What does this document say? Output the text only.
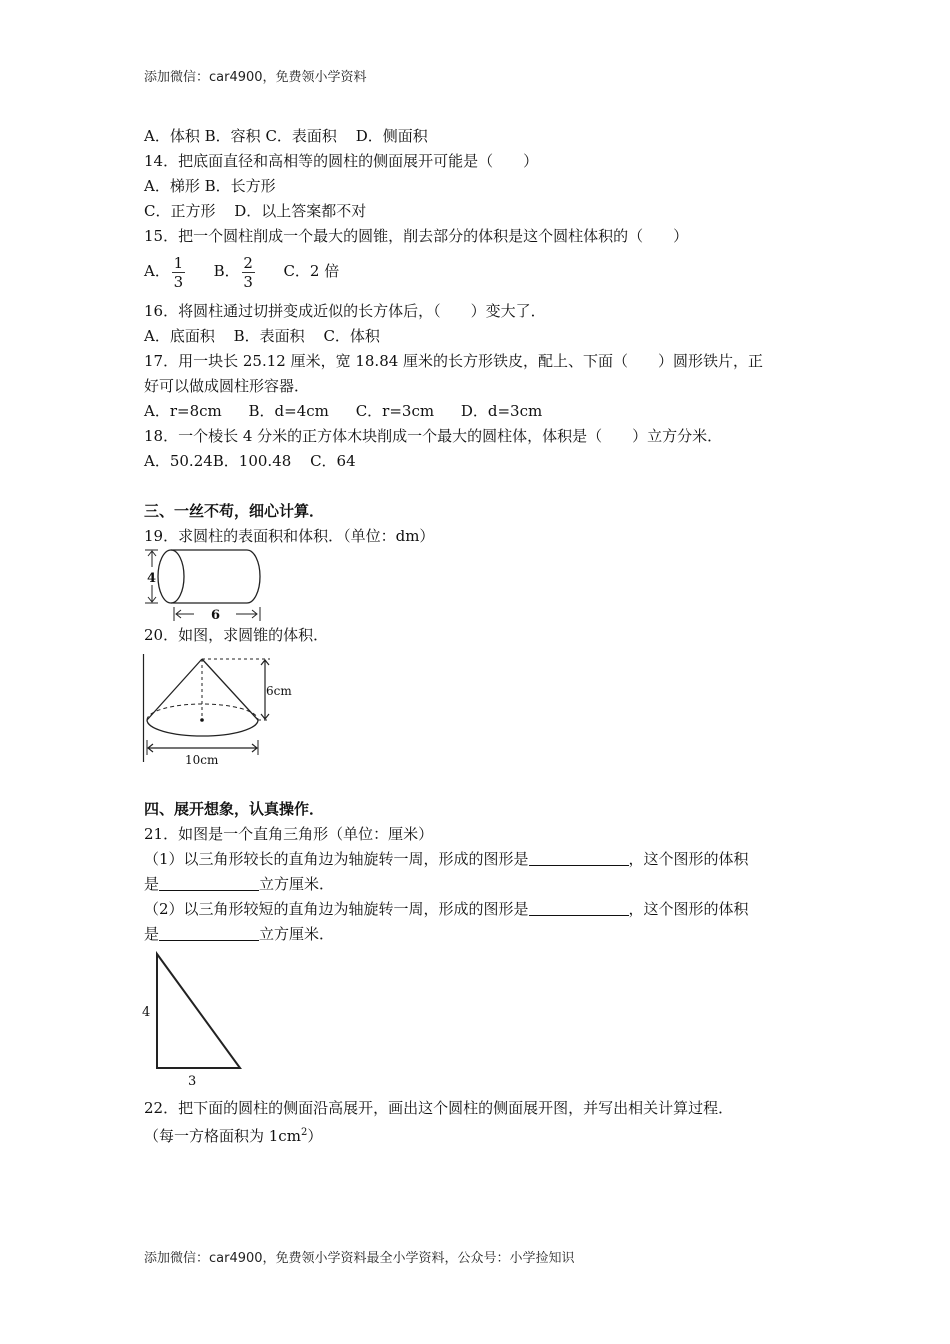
添加微信：car4900，免费领小学资料
A．体积 B．容积 C．表面积 D．侧面积
14．把底面直径和高相等的圆柱的侧面展开可能是（　　）
A．梯形 B．长方形
C．正方形 D．以上答案都不对
15．把一个圆柱削成一个最大的圆锥，削去部分的体积是这个圆柱体积的（　　）
A． $\frac{1}{3}$ B． $\frac{2}{3}$ C．2 倍
16．将圆柱通过切拼变成近似的长方体后，（　　）变大了．
A．底面积 B．表面积 C．体积
17．用一块长 25.12 厘米，宽 18.84 厘米的长方形铁皮，配上、下面（　　）圆形铁片，正
好可以做成圆柱形容器．
A．r=8cm B．d=4cm C．r=3cm D．d=3cm
18．一个棱长 4 分米的正方体木块削成一个最大的圆柱体，体积是（　　）立方分米．
A．50.24B．100.48 C．64
三、一丝不苟，细心计算．
19．求圆柱的表面积和体积．（单位：dm）
4
6
20．如图，求圆锥的体积．
6cm
10cm
四、展开想象，认真操作．
21．如图是一个直角三角形（单位：厘米）
（1）以三角形较长的直角边为轴旋转一周，形成的图形是	，这个图形的体积
是	立方厘米．
（2）以三角形较短的直角边为轴旋转一周，形成的图形是	，这个图形的体积
是	立方厘米．
4
3
22．把下面的圆柱的侧面沿高展开，画出这个圆柱的侧面展开图，并写出相关计算过程．
（每一方格面积为 $1cm^2$）
添加微信：car4900，免费领小学资料最全小学资料，公众号：小学捡知识
